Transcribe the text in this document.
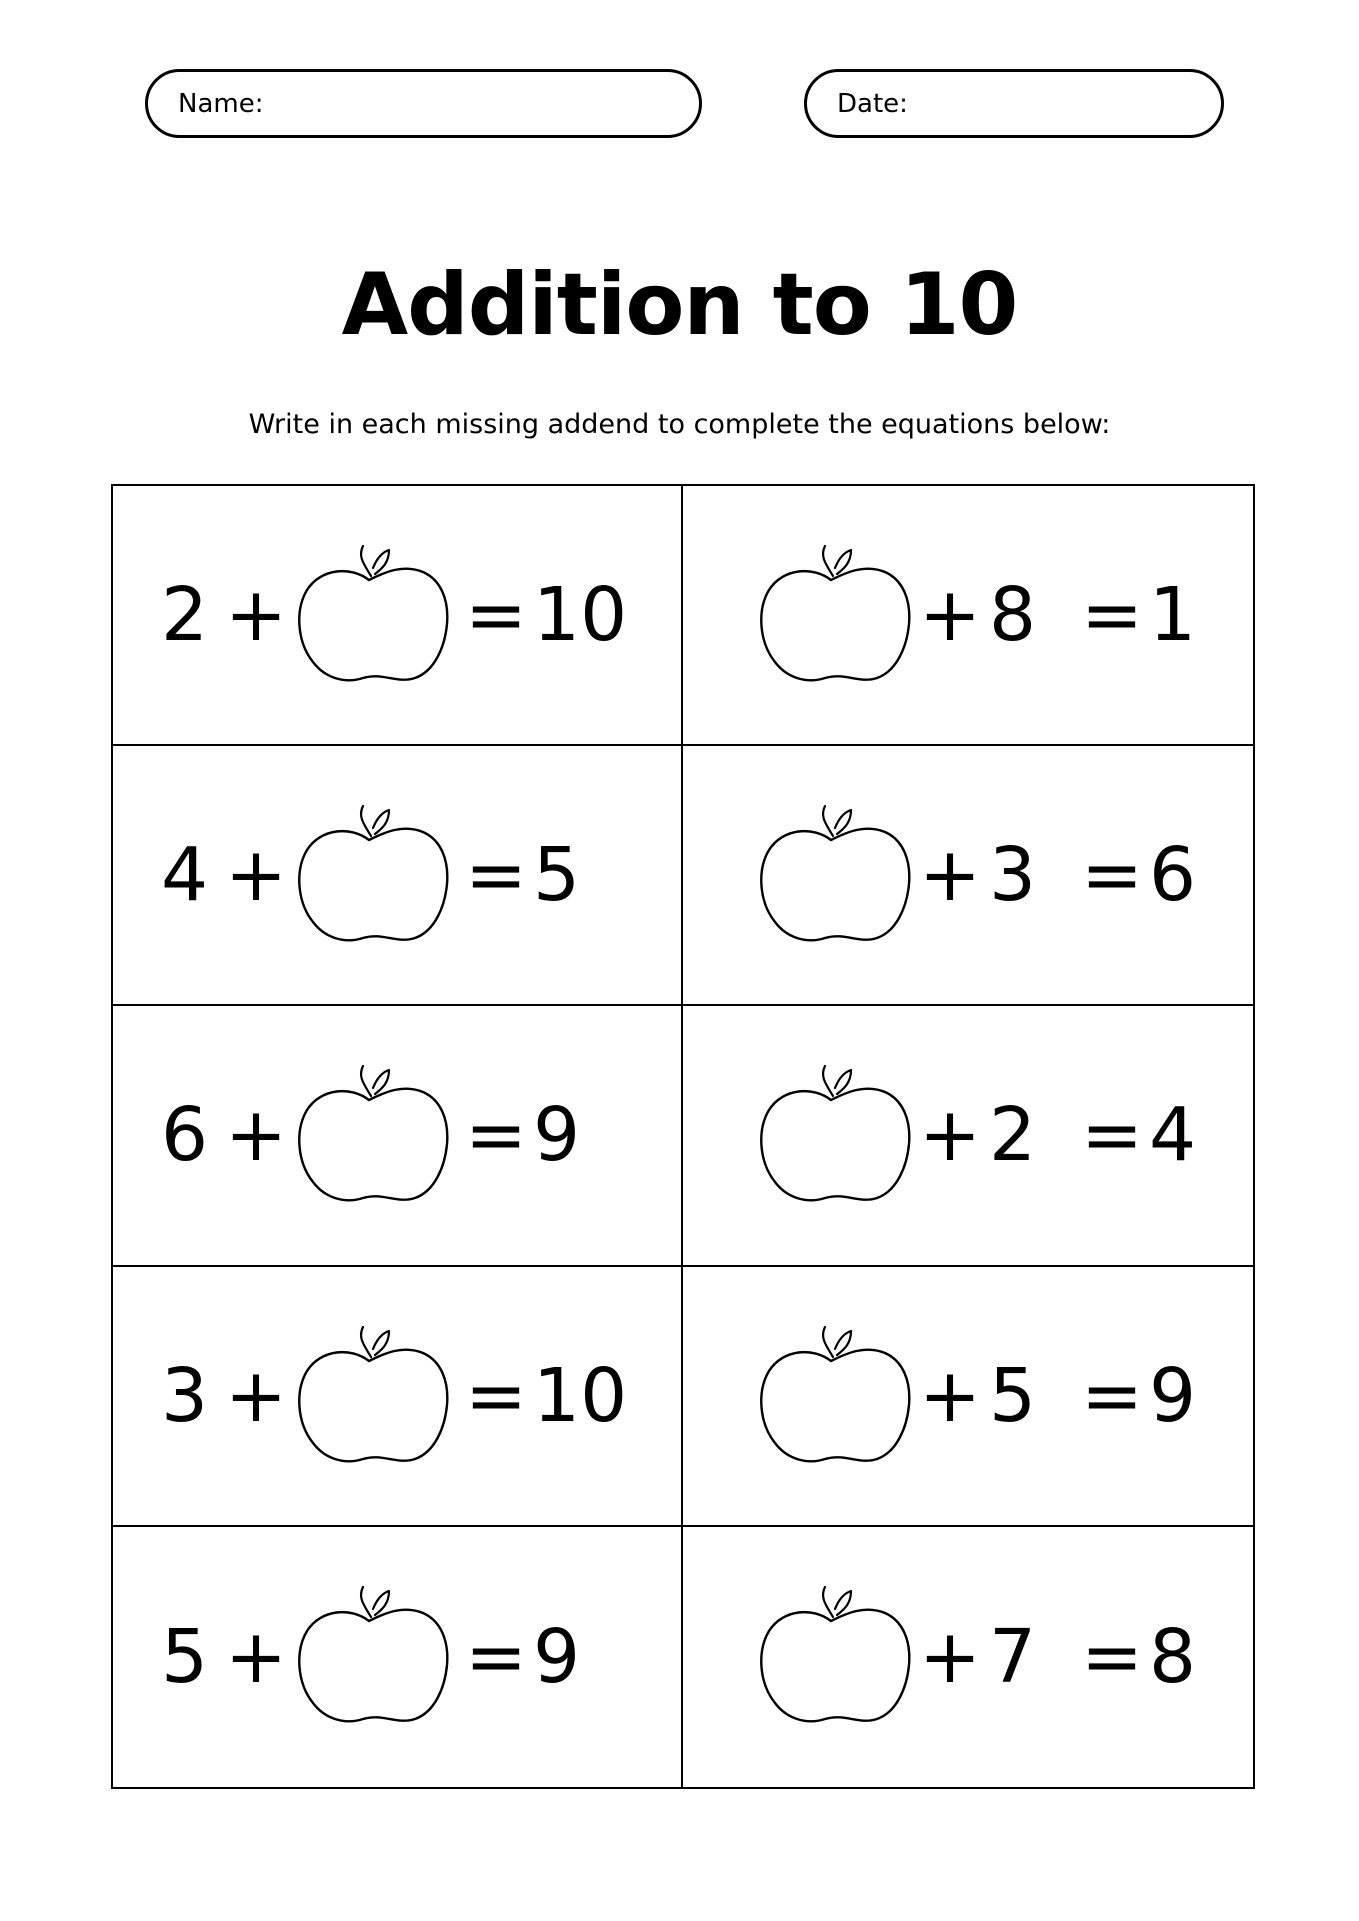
Name:	Date:
Addition to 10
Write in each missing addend to complete the equations below:
2 + = 10	+ 8 = 1
4 + = 5	+ 3 = 6
6 + = 9	+ 2 = 4
3 + = 10	+ 5 = 9
5 + = 9	+ 7 = 8
